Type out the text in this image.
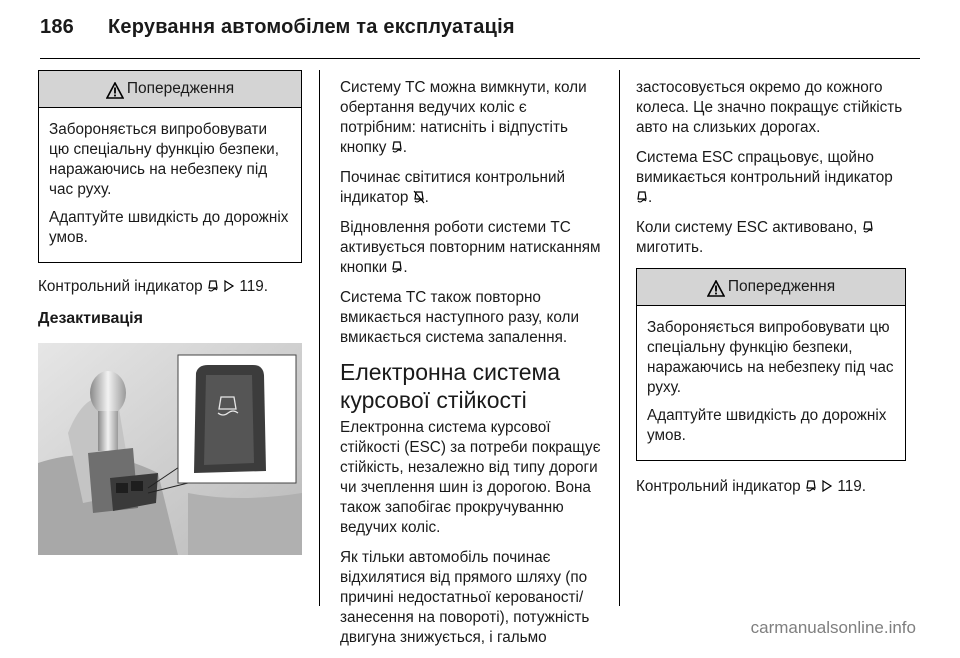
186 Керування автомобілем та експлуатація
Попередження

Забороняється випробовувати цю спеціальну функцію безпеки, наражаючись на небезпеку під час руху.

Адаптуйте швидкість до дорожніх умов.

Контрольний індикатор 119.

Дезактивація

Систему ТС можна вимкнути, коли обертання ведучих коліс є потрібним: натисніть і відпустіть кнопку .

Починає світитися контрольний індикатор .

Відновлення роботи системи ТС активується повторним натисканням кнопки .

Система ТС також повторно вмикається наступного разу, коли вмикається система запалення.

Електронна система курсової стійкості

Електронна система курсової стійкості (ESC) за потреби покращує стійкість, незалежно від типу дороги чи зчеплення шин із дорогою. Вона також запобігає прокручуванню ведучих коліс.

Як тільки автомобіль починає відхилятися від прямого шляху (по причині недостатньої керованості/ занесення на повороті), потужність двигуна знижується, і гальмо

застосовується окремо до кожного колеса. Це значно покращує стійкість авто на слизьких дорогах.

Система ESC спрацьовує, щойно вимикається контрольний індикатор .

Коли систему ESC активовано,
миготить.

Попередження

Забороняється випробовувати цю спеціальну функцію безпеки, наражаючись на небезпеку під час руху.

Адаптуйте швидкість до дорожніх умов.

Контрольний індикатор 119.

carmanualsonline.info
